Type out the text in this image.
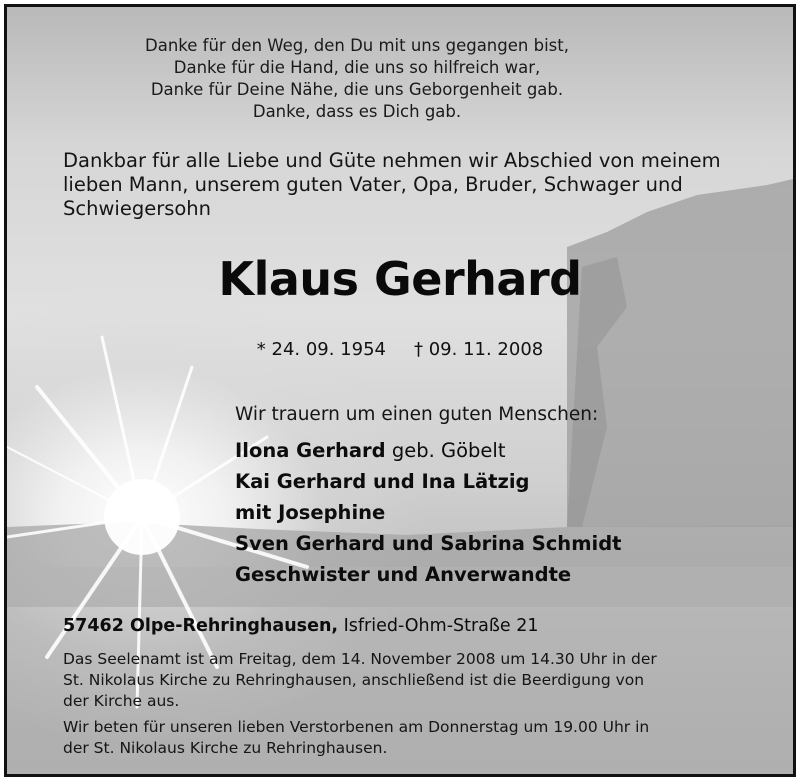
Danke für den Weg, den Du mit uns gegangen bist,
Danke für die Hand, die uns so hilfreich war,
Danke für Deine Nähe, die uns Geborgenheit gab.
Danke, dass es Dich gab.
Dankbar für alle Liebe und Güte nehmen wir Abschied von meinem
lieben Mann, unserem guten Vater, Opa, Bruder, Schwager und
Schwiegersohn
Klaus Gerhard
* 24. 09. 1954 † 09. 11. 2008
Wir trauern um einen guten Menschen:
Ilona Gerhard geb. Göbelt
Kai Gerhard und Ina Lätzig
mit Josephine
Sven Gerhard und Sabrina Schmidt
Geschwister und Anverwandte
57462 Olpe-Rehringhausen, Isfried-Ohm-Straße 21
Das Seelenamt ist am Freitag, dem 14. November 2008 um 14.30 Uhr in der
St. Nikolaus Kirche zu Rehringhausen, anschließend ist die Beerdigung von
der Kirche aus.
Wir beten für unseren lieben Verstorbenen am Donnerstag um 19.00 Uhr in
der St. Nikolaus Kirche zu Rehringhausen.
